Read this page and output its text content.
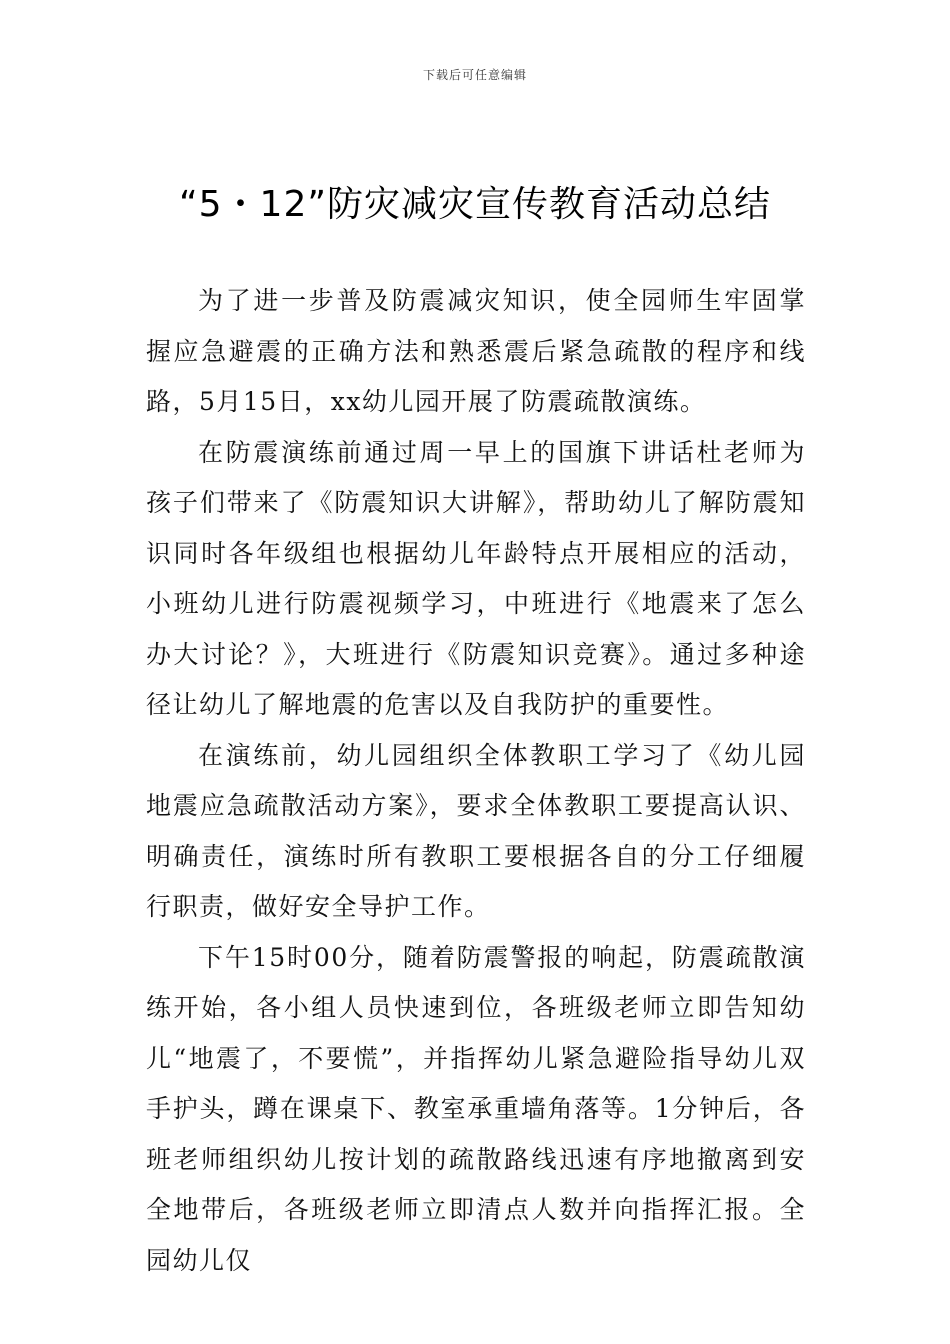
下载后可任意编辑
“5・12”防灾减灾宣传教育活动总结

为了进一步普及防震减灾知识，使全园师生牢固掌握应急避震的正确方法和熟悉震后紧急疏散的程序和线路，5月15日，xx幼儿园开展了防震疏散演练。

在防震演练前通过周一早上的国旗下讲话杜老师为孩子们带来了《防震知识大讲解》，帮助幼儿了解防震知识同时各年级组也根据幼儿年龄特点开展相应的活动，小班幼儿进行防震视频学习，中班进行《地震来了怎么办大讨论？》，大班进行《防震知识竞赛》。通过多种途径让幼儿了解地震的危害以及自我防护的重要性。

在演练前，幼儿园组织全体教职工学习了《幼儿园地震应急疏散活动方案》，要求全体教职工要提高认识、明确责任，演练时所有教职工要根据各自的分工仔细履行职责，做好安全导护工作。

下午15时00分，随着防震警报的响起，防震疏散演练开始，各小组人员快速到位，各班级老师立即告知幼儿“地震了，不要慌”，并指挥幼儿紧急避险指导幼儿双手护头，蹲在课桌下、教室承重墙角落等。1分钟后，各班老师组织幼儿按计划的疏散路线迅速有序地撤离到安全地带后，各班级老师立即清点人数并向指挥汇报。全园幼儿仅
